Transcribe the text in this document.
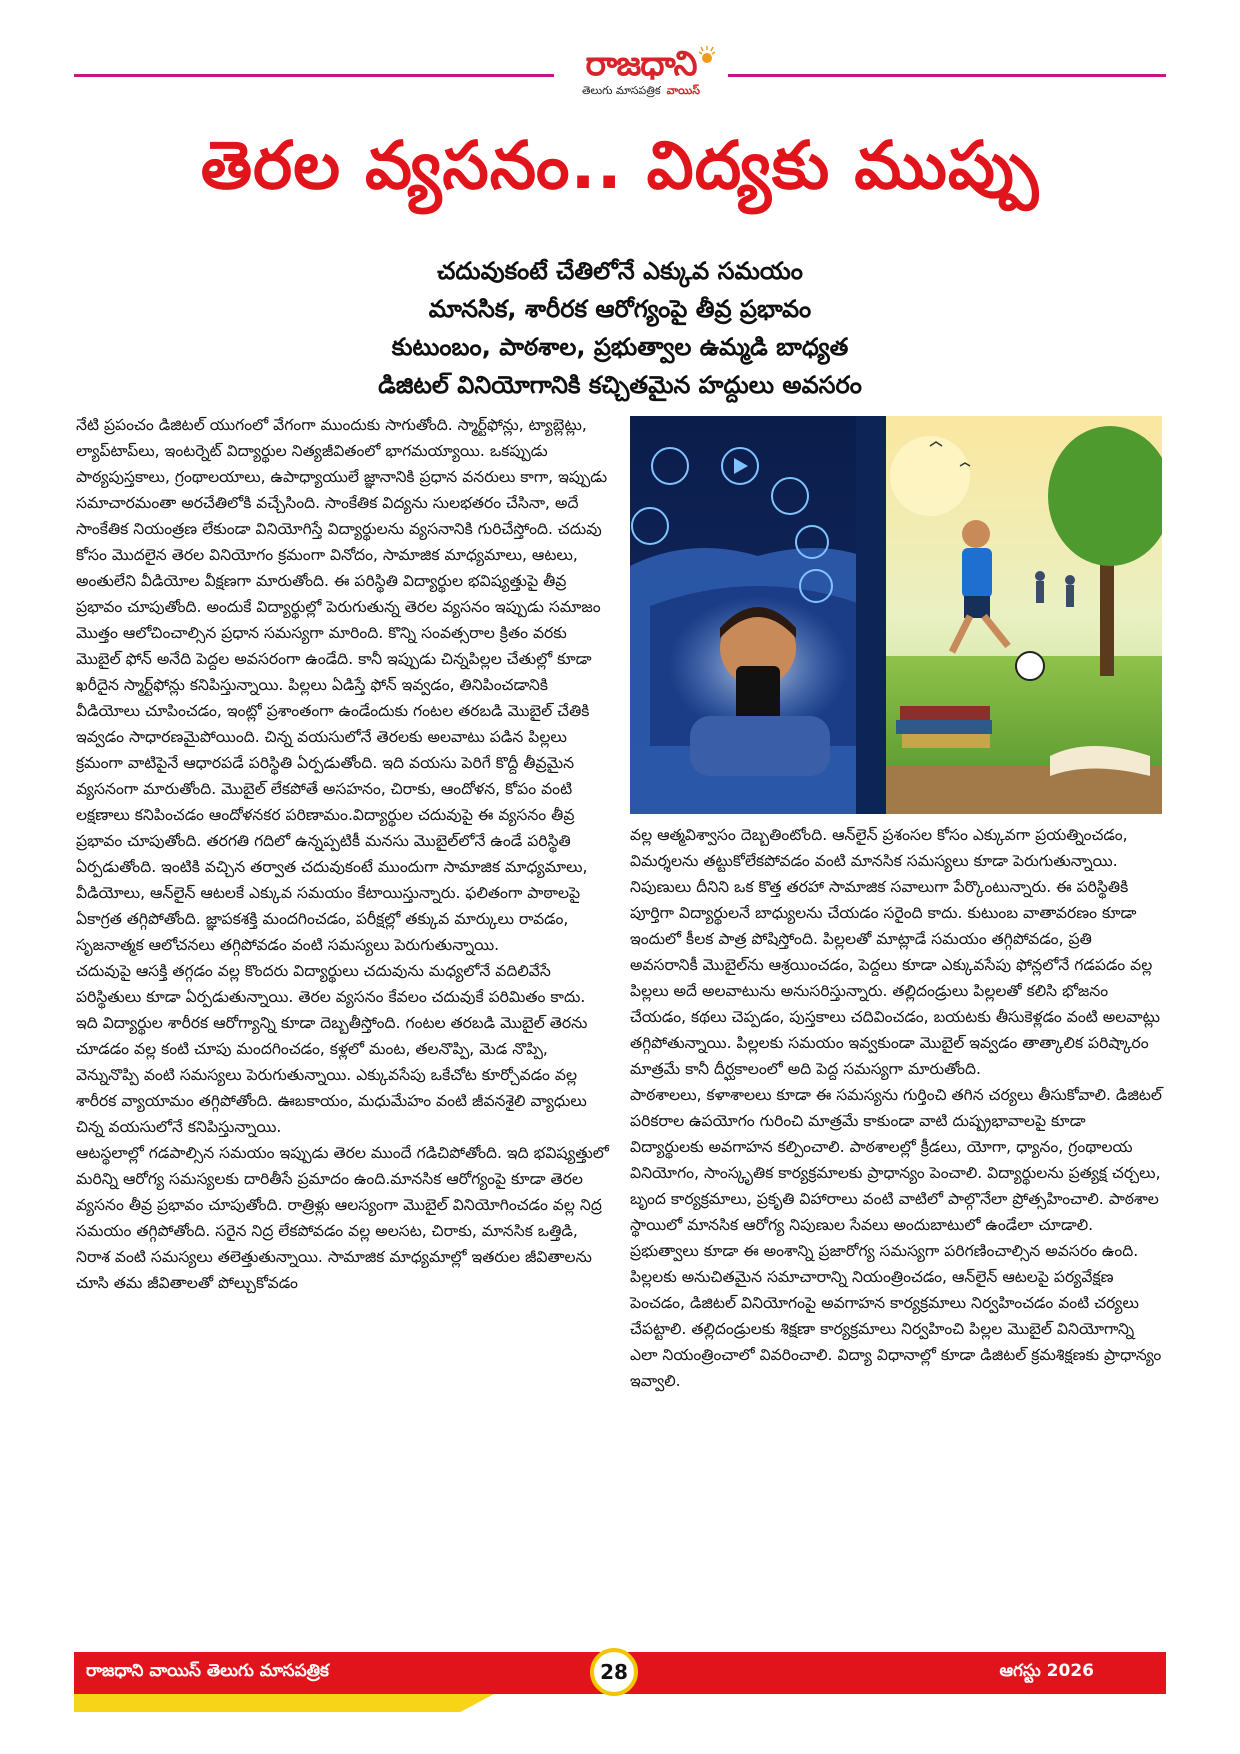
రాజధాని
తెలుగు మాసపత్రిక వాయిస్
తెరల వ్యసనం.. విద్యకు ముప్పు
చదువుకంటే చేతిలోనే ఎక్కువ సమయం
మానసిక, శారీరక ఆరోగ్యంపై తీవ్ర ప్రభావం
కుటుంబం, పాఠశాల, ప్రభుత్వాల ఉమ్మడి బాధ్యత
డిజిటల్ వినియోగానికి కచ్చితమైన హద్దులు అవసరం

నేటి ప్రపంచం డిజిటల్ యుగంలో వేగంగా ముందుకు సాగుతోంది. స్మార్ట్‌ఫోన్లు, ట్యాబ్లెట్లు, ల్యాప్‌టాప్‌లు, ఇంటర్నెట్ విద్యార్థుల నిత్యజీవితంలో భాగమయ్యాయి. ఒకప్పుడు పాఠ్యపుస్తకాలు, గ్రంథాలయాలు, ఉపాధ్యాయులే జ్ఞానానికి ప్రధాన వనరులు కాగా, ఇప్పుడు సమాచారమంతా అరచేతిలోకి వచ్చేసింది. సాంకేతిక విద్యను సులభతరం చేసినా, అదే సాంకేతిక నియంత్రణ లేకుండా వినియోగిస్తే విద్యార్థులను వ్యసనానికి గురిచేస్తోంది. చదువు కోసం మొదలైన తెరల వినియోగం క్రమంగా వినోదం, సామాజిక మాధ్యమాలు, ఆటలు, అంతులేని వీడియోల వీక్షణగా మారుతోంది. ఈ పరిస్థితి విద్యార్థుల భవిష్యత్తుపై తీవ్ర ప్రభావం చూపుతోంది. అందుకే విద్యార్థుల్లో పెరుగుతున్న తెరల వ్యసనం ఇప్పుడు సమాజం మొత్తం ఆలోచించాల్సిన ప్రధాన సమస్యగా మారింది. కొన్ని సంవత్సరాల క్రితం వరకు మొబైల్ ఫోన్ అనేది పెద్దల అవసరంగా ఉండేది. కానీ ఇప్పుడు చిన్నపిల్లల చేతుల్లో కూడా ఖరీదైన స్మార్ట్‌ఫోన్లు కనిపిస్తున్నాయి. పిల్లలు ఏడిస్తే ఫోన్ ఇవ్వడం, తినిపించడానికి వీడియోలు చూపించడం, ఇంట్లో ప్రశాంతంగా ఉండేందుకు గంటల తరబడి మొబైల్ చేతికి ఇవ్వడం సాధారణమైపోయింది. చిన్న వయసులోనే తెరలకు అలవాటు పడిన పిల్లలు క్రమంగా వాటిపైనే ఆధారపడే పరిస్థితి ఏర్పడుతోంది. ఇది వయసు పెరిగే కొద్దీ తీవ్రమైన వ్యసనంగా మారుతోంది. మొబైల్ లేకపోతే అసహనం, చిరాకు, ఆందోళన, కోపం వంటి లక్షణాలు కనిపించడం ఆందోళనకర పరిణామం.విద్యార్థుల చదువుపై ఈ వ్యసనం తీవ్ర ప్రభావం చూపుతోంది. తరగతి గదిలో ఉన్నప్పటికీ మనసు మొబైల్‌లోనే ఉండే పరిస్థితి ఏర్పడుతోంది. ఇంటికి వచ్చిన తర్వాత చదువుకంటే ముందుగా సామాజిక మాధ్యమాలు, వీడియోలు, ఆన్‌లైన్ ఆటలకే ఎక్కువ సమయం కేటాయిస్తున్నారు. ఫలితంగా పాఠాలపై ఏకాగ్రత తగ్గిపోతోంది. జ్ఞాపకశక్తి మందగించడం, పరీక్షల్లో తక్కువ మార్కులు రావడం, సృజనాత్మక ఆలోచనలు తగ్గిపోవడం వంటి సమస్యలు పెరుగుతున్నాయి.

చదువుపై ఆసక్తి తగ్గడం వల్ల కొందరు విద్యార్థులు చదువును మధ్యలోనే వదిలివేసే పరిస్థితులు కూడా ఏర్పడుతున్నాయి. తెరల వ్యసనం కేవలం చదువుకే పరిమితం కాదు. ఇది విద్యార్థుల శారీరక ఆరోగ్యాన్ని కూడా దెబ్బతీస్తోంది. గంటల తరబడి మొబైల్ తెరను చూడడం వల్ల కంటి చూపు మందగించడం, కళ్లలో మంట, తలనొప్పి, మెడ నొప్పి, వెన్నునొప్పి వంటి సమస్యలు పెరుగుతున్నాయి. ఎక్కువసేపు ఒకేచోట కూర్చోవడం వల్ల శారీరక వ్యాయామం తగ్గిపోతోంది. ఊబకాయం, మధుమేహం వంటి జీవనశైలి వ్యాధులు చిన్న వయసులోనే కనిపిస్తున్నాయి.

ఆటస్థలాల్లో గడపాల్సిన సమయం ఇప్పుడు తెరల ముందే గడిచిపోతోంది. ఇది భవిష్యత్తులో మరిన్ని ఆరోగ్య సమస్యలకు దారితీసే ప్రమాదం ఉంది.మానసిక ఆరోగ్యంపై కూడా తెరల వ్యసనం తీవ్ర ప్రభావం చూపుతోంది. రాత్రిళ్లు ఆలస్యంగా మొబైల్ వినియోగించడం వల్ల నిద్ర సమయం తగ్గిపోతోంది. సరైన నిద్ర లేకపోవడం వల్ల అలసట, చిరాకు, మానసిక ఒత్తిడి, నిరాశ వంటి సమస్యలు తలెత్తుతున్నాయి. సామాజిక మాధ్యమాల్లో ఇతరుల జీవితాలను చూసి తమ జీవితాలతో పోల్చుకోవడం

వల్ల ఆత్మవిశ్వాసం దెబ్బతింటోంది. ఆన్‌లైన్ ప్రశంసల కోసం ఎక్కువగా ప్రయత్నించడం, విమర్శలను తట్టుకోలేకపోవడం వంటి మానసిక సమస్యలు కూడా పెరుగుతున్నాయి. నిపుణులు దీనిని ఒక కొత్త తరహా సామాజిక సవాలుగా పేర్కొంటున్నారు. ఈ పరిస్థితికి పూర్తిగా విద్యార్థులనే బాధ్యులను చేయడం సరైంది కాదు. కుటుంబ వాతావరణం కూడా ఇందులో కీలక పాత్ర పోషిస్తోంది. పిల్లలతో మాట్లాడే సమయం తగ్గిపోవడం, ప్రతి అవసరానికీ మొబైల్‌ను ఆశ్రయించడం, పెద్దలు కూడా ఎక్కువసేపు ఫోన్లలోనే గడపడం వల్ల పిల్లలు అదే అలవాటును అనుసరిస్తున్నారు. తల్లిదండ్రులు పిల్లలతో కలిసి భోజనం చేయడం, కథలు చెప్పడం, పుస్తకాలు చదివించడం, బయటకు తీసుకెళ్లడం వంటి అలవాట్లు తగ్గిపోతున్నాయి. పిల్లలకు సమయం ఇవ్వకుండా మొబైల్ ఇవ్వడం తాత్కాలిక పరిష్కారం మాత్రమే కానీ దీర్ఘకాలంలో అది పెద్ద సమస్యగా మారుతోంది.

పాఠశాలలు, కళాశాలలు కూడా ఈ సమస్యను గుర్తించి తగిన చర్యలు తీసుకోవాలి. డిజిటల్ పరికరాల ఉపయోగం గురించి మాత్రమే కాకుండా వాటి దుష్ప్రభావాలపై కూడా విద్యార్థులకు అవగాహన కల్పించాలి. పాఠశాలల్లో క్రీడలు, యోగా, ధ్యానం, గ్రంథాలయ వినియోగం, సాంస్కృతిక కార్యక్రమాలకు ప్రాధాన్యం పెంచాలి. విద్యార్థులను ప్రత్యక్ష చర్చలు, బృంద కార్యక్రమాలు, ప్రకృతి విహారాలు వంటి వాటిలో పాల్గొనేలా ప్రోత్సహించాలి. పాఠశాల స్థాయిలో మానసిక ఆరోగ్య నిపుణుల సేవలు అందుబాటులో ఉండేలా చూడాలి. ప్రభుత్వాలు కూడా ఈ అంశాన్ని ప్రజారోగ్య సమస్యగా పరిగణించాల్సిన అవసరం ఉంది. పిల్లలకు అనుచితమైన సమాచారాన్ని నియంత్రించడం, ఆన్‌లైన్ ఆటలపై పర్యవేక్షణ పెంచడం, డిజిటల్ వినియోగంపై అవగాహన కార్యక్రమాలు నిర్వహించడం వంటి చర్యలు చేపట్టాలి. తల్లిదండ్రులకు శిక్షణా కార్యక్రమాలు నిర్వహించి పిల్లల మొబైల్ వినియోగాన్ని ఎలా నియంత్రించాలో వివరించాలి. విద్యా విధానాల్లో కూడా డిజిటల్ క్రమశిక్షణకు ప్రాధాన్యం ఇవ్వాలి.

రాజధాని వాయిస్ తెలుగు మాసపత్రిక	ఆగస్టు 2026
28
